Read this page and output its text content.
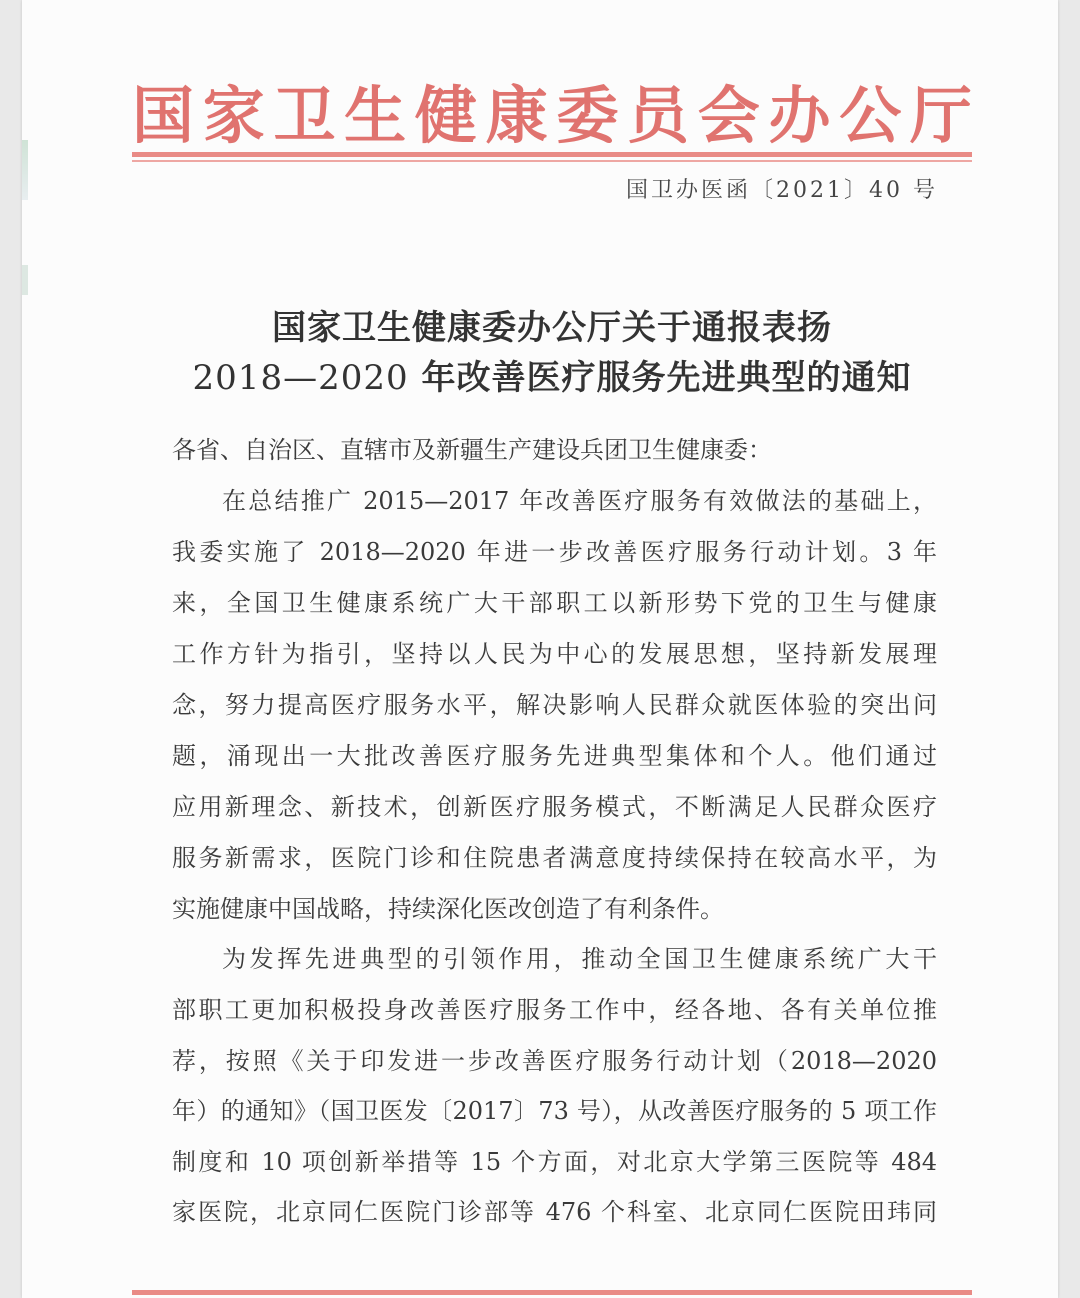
国 家 卫 生 健 康 委 员 会 办 公 厅
国卫办医函〔2021〕40 号
国家卫生健康委办公厅关于通报表扬
2018—2020 年改善医疗服务先进典型的通知
各省、自治区、直辖市及新疆生产建设兵团卫生健康委：
在总结推广 2015—2017 年改善医疗服务有效做法的基础上，
我委实施了 2018—2020 年进一步改善医疗服务行动计划。3 年
来，全国卫生健康系统广大干部职工以新形势下党的卫生与健康
工作方针为指引，坚持以人民为中心的发展思想，坚持新发展理
念，努力提高医疗服务水平，解决影响人民群众就医体验的突出问
题，涌现出一大批改善医疗服务先进典型集体和个人。他们通过
应用新理念、新技术，创新医疗服务模式，不断满足人民群众医疗
服务新需求，医院门诊和住院患者满意度持续保持在较高水平，为
实施健康中国战略，持续深化医改创造了有利条件。
为发挥先进典型的引领作用，推动全国卫生健康系统广大干
部职工更加积极投身改善医疗服务工作中，经各地、各有关单位推
荐，按照《关于印发进一步改善医疗服务行动计划（2018—2020
年）的通知》（国卫医发〔2017〕73 号），从改善医疗服务的 5 项工作
制度和 10 项创新举措等 15 个方面，对北京大学第三医院等 484
家医院，北京同仁医院门诊部等 476 个科室、北京同仁医院田玮同
